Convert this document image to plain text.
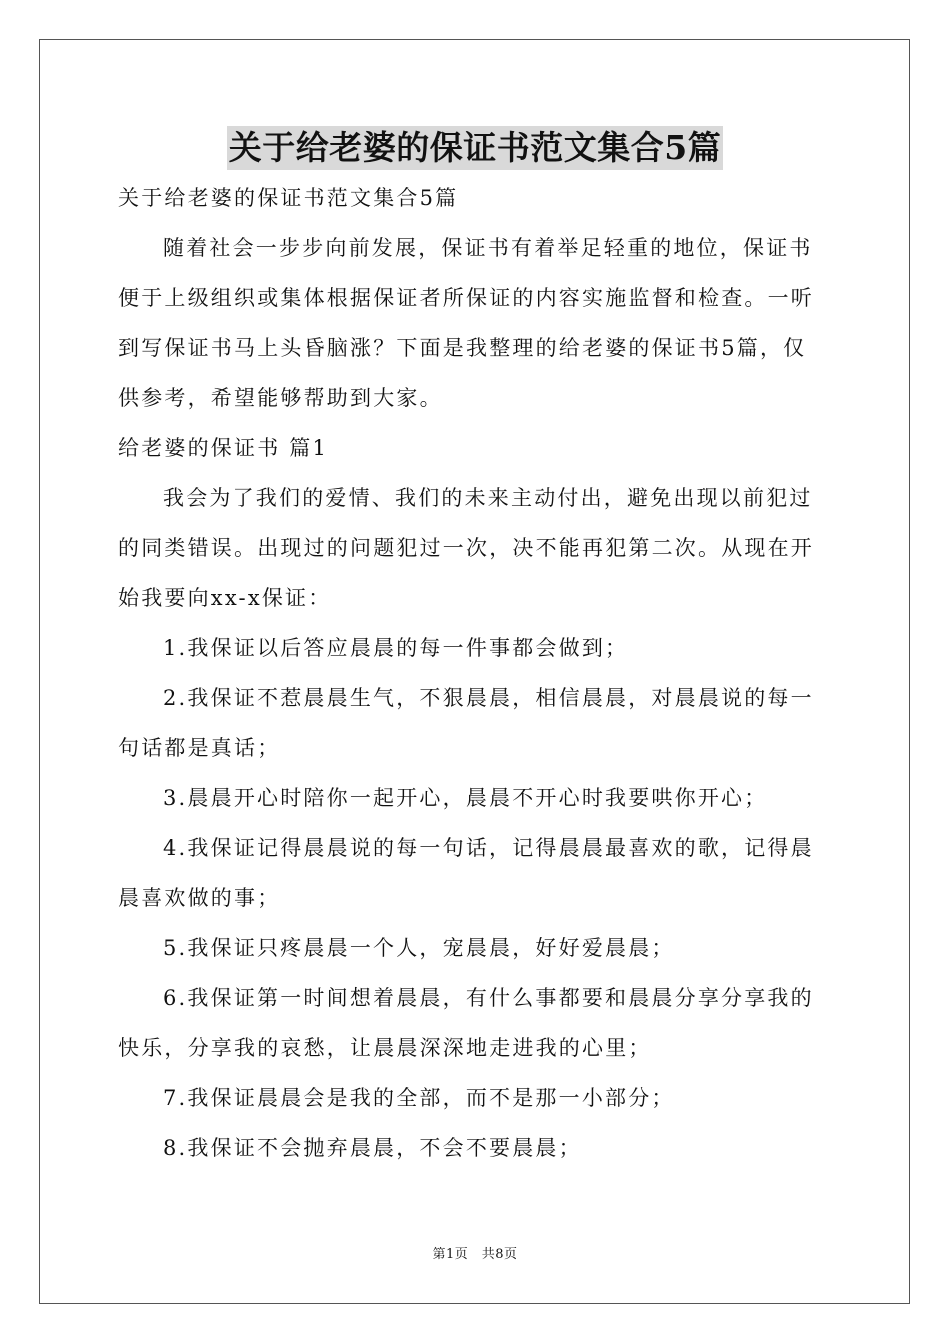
关于给老婆的保证书范文集合5篇
关于给老婆的保证书范文集合5篇
随着社会一步步向前发展，保证书有着举足轻重的地位，保证书
便于上级组织或集体根据保证者所保证的内容实施监督和检查。一听
到写保证书马上头昏脑涨？下面是我整理的给老婆的保证书5篇，仅
供参考，希望能够帮助到大家。
给老婆的保证书 篇1
我会为了我们的爱情、我们的未来主动付出，避免出现以前犯过
的同类错误。出现过的问题犯过一次，决不能再犯第二次。从现在开
始我要向xx-x保证：
1.我保证以后答应晨晨的每一件事都会做到；
2.我保证不惹晨晨生气，不狠晨晨，相信晨晨，对晨晨说的每一
句话都是真话；
3.晨晨开心时陪你一起开心，晨晨不开心时我要哄你开心；
4.我保证记得晨晨说的每一句话，记得晨晨最喜欢的歌，记得晨
晨喜欢做的事；
5.我保证只疼晨晨一个人，宠晨晨，好好爱晨晨；
6.我保证第一时间想着晨晨，有什么事都要和晨晨分享分享我的
快乐，分享我的哀愁，让晨晨深深地走进我的心里；
7.我保证晨晨会是我的全部，而不是那一小部分；
8.我保证不会抛弃晨晨，不会不要晨晨；
第1页　共8页
